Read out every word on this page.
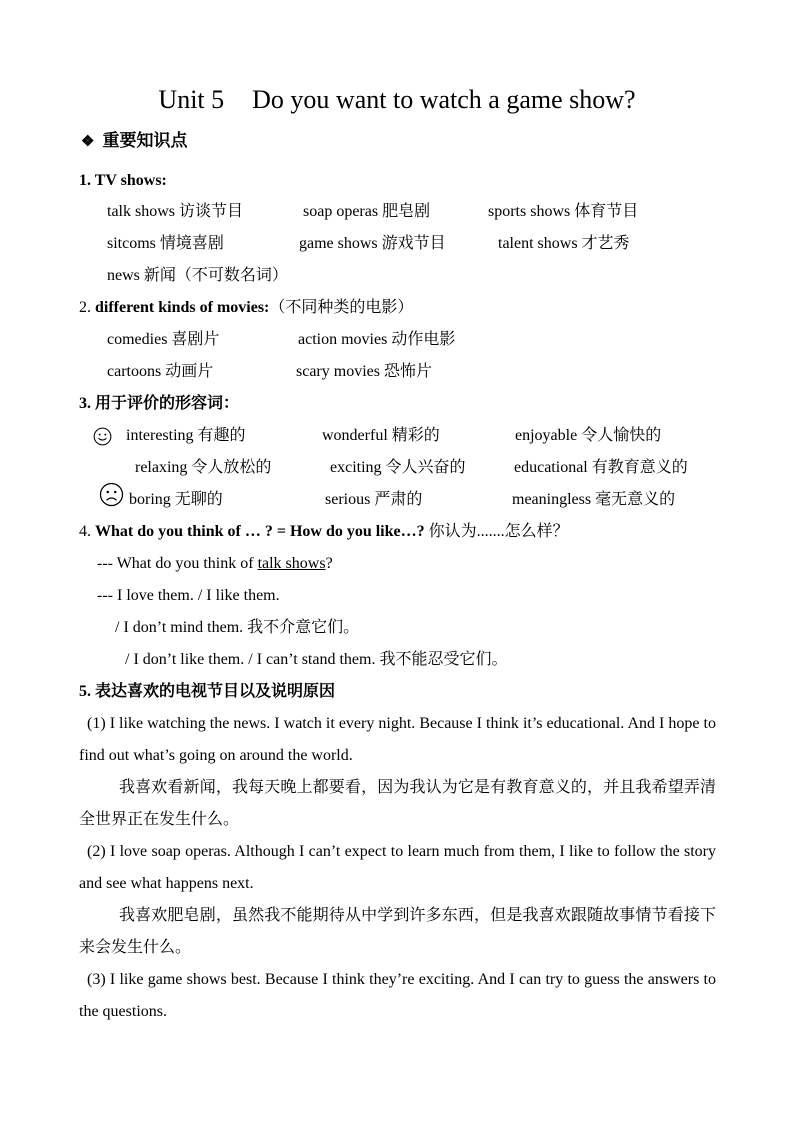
Unit 5 Do you want to watch a game show?
❖ 重要知识点
1. TV shows:
talk shows 访谈节目	soap operas 肥皂剧	sports shows 体育节目
sitcoms 情境喜剧	game shows 游戏节目	talent shows 才艺秀
news 新闻（不可数名词）
2. different kinds of movies:（不同种类的电影）
comedies 喜剧片	action movies 动作电影
cartoons 动画片	scary movies 恐怖片
3. 用于评价的形容词：
interesting 有趣的	wonderful 精彩的	enjoyable 令人愉快的
relaxing 令人放松的	exciting 令人兴奋的	educational 有教育意义的
boring 无聊的	serious 严肃的	meaningless 毫无意义的
4. What do you think of … ? = How do you like…? 你认为.......怎么样？
--- What do you think of talk shows?
--- I love them. / I like them.
/ I don’t mind them. 我不介意它们。
/ I don’t like them. / I can’t stand them. 我不能忍受它们。
5. 表达喜欢的电视节目以及说明原因
(1) I like watching the news. I watch it every night. Because I think it’s educational. And I hope to find out what’s going on around the world.
我喜欢看新闻，我每天晚上都要看，因为我认为它是有教育意义的，并且我希望弄清全世界正在发生什么。
(2) I love soap operas. Although I can’t expect to learn much from them, I like to follow the story and see what happens next.
我喜欢肥皂剧，虽然我不能期待从中学到许多东西，但是我喜欢跟随故事情节看接下来会发生什么。
(3) I like game shows best. Because I think they’re exciting. And I can try to guess the answers to the questions.
